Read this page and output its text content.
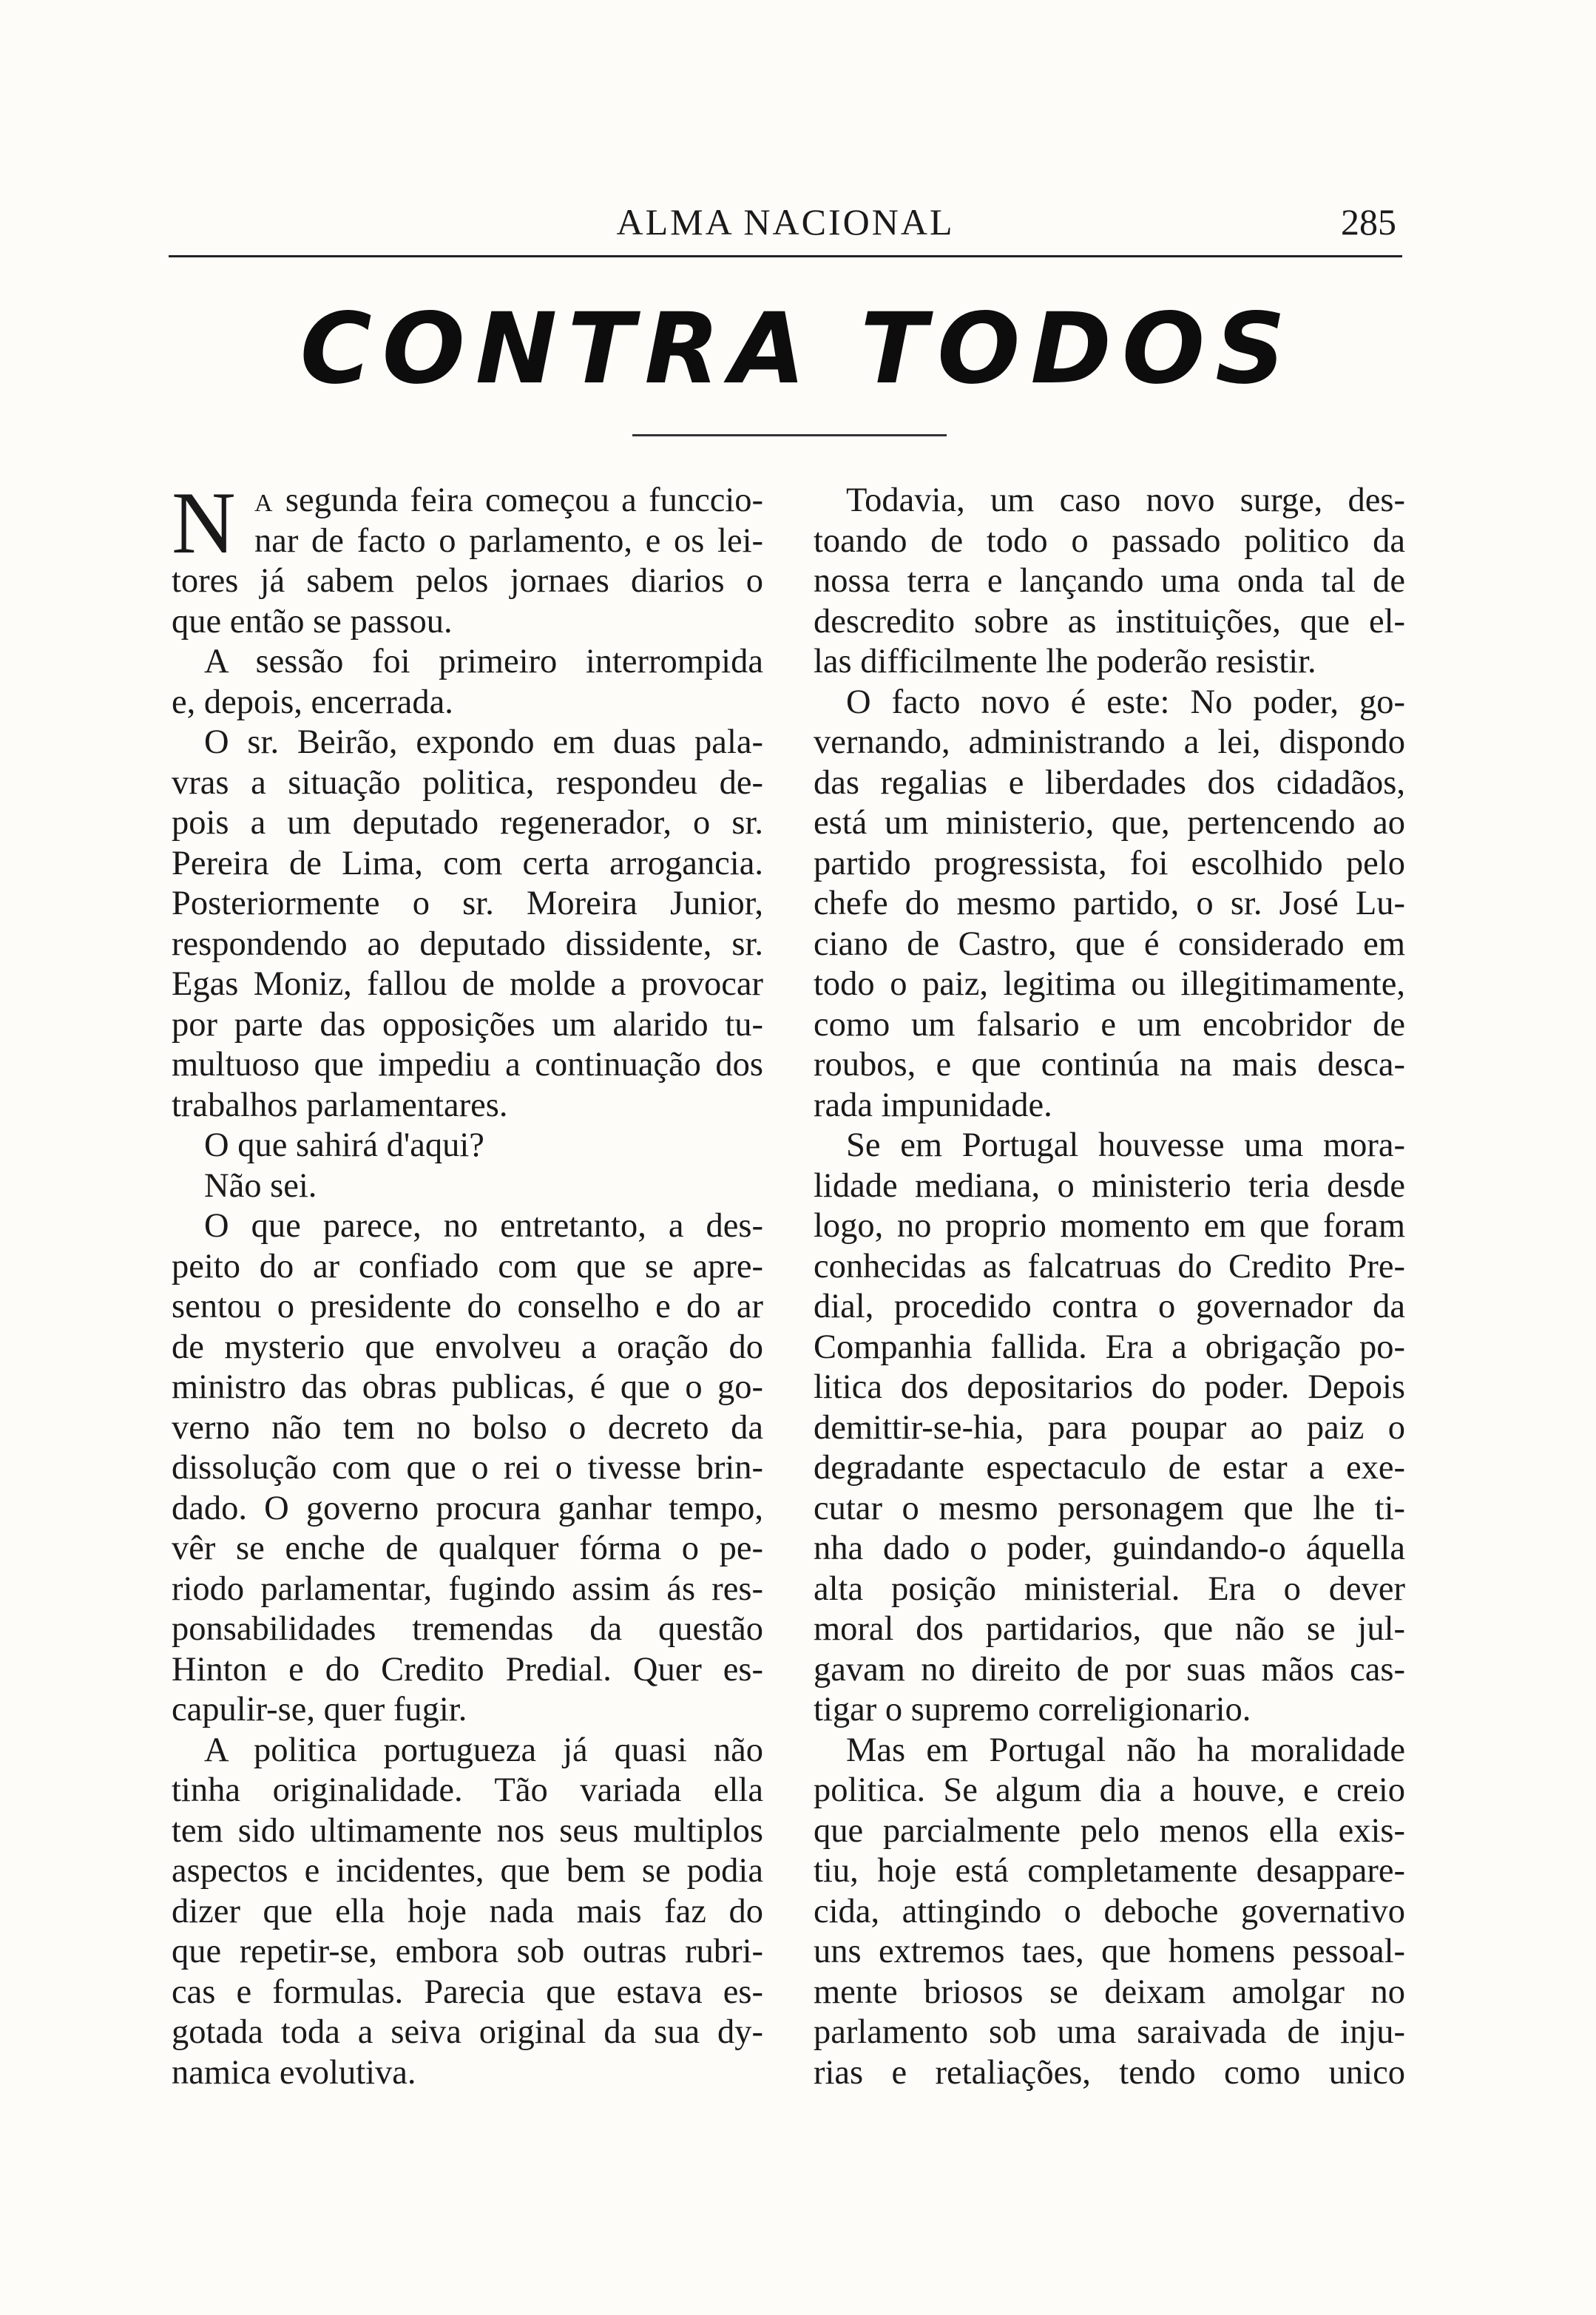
ALMA NACIONAL	285
CONTRA TODOS
A segunda feira começou a funccio-
nar de facto o parlamento, e os lei-
tores já sabem pelos jornaes diarios o
que então se passou.
A sessão foi primeiro interrompida
e, depois, encerrada.
O sr. Beirão, expondo em duas pala-
vras a situação politica, respondeu de-
pois a um deputado regenerador, o sr.
Pereira de Lima, com certa arrogancia.
Posteriormente o sr. Moreira Junior,
respondendo ao deputado dissidente, sr.
Egas Moniz, fallou de molde a provocar
por parte das opposições um alarido tu-
multuoso que impediu a continuação dos
trabalhos parlamentares.
O que sahirá d'aqui?
Não sei.
O que parece, no entretanto, a des-
peito do ar confiado com que se apre-
sentou o presidente do conselho e do ar
de mysterio que envolveu a oração do
ministro das obras publicas, é que o go-
verno não tem no bolso o decreto da
dissolução com que o rei o tivesse brin-
dado. O governo procura ganhar tempo,
vêr se enche de qualquer fórma o pe-
riodo parlamentar, fugindo assim ás res-
ponsabilidades tremendas da questão
Hinton e do Credito Predial. Quer es-
capulir-se, quer fugir.
A politica portugueza já quasi não
tinha originalidade. Tão variada ella
tem sido ultimamente nos seus multiplos
aspectos e incidentes, que bem se podia
dizer que ella hoje nada mais faz do
que repetir-se, embora sob outras rubri-
cas e formulas. Parecia que estava es-
gotada toda a seiva original da sua dy-
namica evolutiva.
N	Todavia, um caso novo surge, des-
toando de todo o passado politico da
nossa terra e lançando uma onda tal de
descredito sobre as instituições, que el-
las difficilmente lhe poderão resistir.
O facto novo é este: No poder, go-
vernando, administrando a lei, dispondo
das regalias e liberdades dos cidadãos,
está um ministerio, que, pertencendo ao
partido progressista, foi escolhido pelo
chefe do mesmo partido, o sr. José Lu-
ciano de Castro, que é considerado em
todo o paiz, legitima ou illegitimamente,
como um falsario e um encobridor de
roubos, e que continúa na mais desca-
rada impunidade.
Se em Portugal houvesse uma mora-
lidade mediana, o ministerio teria desde
logo, no proprio momento em que foram
conhecidas as falcatruas do Credito Pre-
dial, procedido contra o governador da
Companhia fallida. Era a obrigação po-
litica dos depositarios do poder. Depois
demittir-se-hia, para poupar ao paiz o
degradante espectaculo de estar a exe-
cutar o mesmo personagem que lhe ti-
nha dado o poder, guindando-o áquella
alta posição ministerial. Era o dever
moral dos partidarios, que não se jul-
gavam no direito de por suas mãos cas-
tigar o supremo correligionario.
Mas em Portugal não ha moralidade
politica. Se algum dia a houve, e creio
que parcialmente pelo menos ella exis-
tiu, hoje está completamente desappare-
cida, attingindo o deboche governativo
uns extremos taes, que homens pessoal-
mente briosos se deixam amolgar no
parlamento sob uma saraivada de inju-
rias e retaliações, tendo como unico
